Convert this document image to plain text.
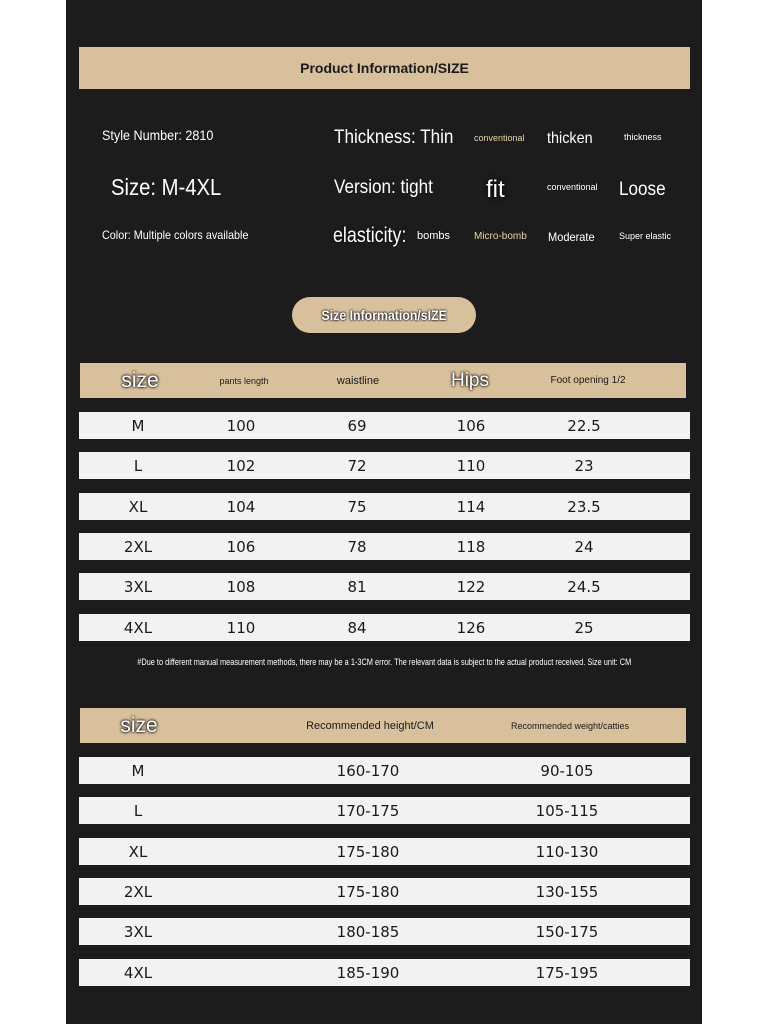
Product Information/SIZE
Style Number: 2810
Size: M-4XL
Color: Multiple colors available
Thickness: Thin conventional thicken	thickness
Version: tight fit	conventional Loose
elasticity: bombs Micro-bomb Moderate	Super elastic
Size Information/sIZE
size	pants length	waistline	Hips	Foot opening 1/2
M	100	69	106	22.5
L	102	72	110	23
XL	104	75	114	23.5
2XL	106	78	118	24
3XL	108	81	122	24.5
4XL	110	84	126	25
#Due to different manual measurement methods, there may be a 1-3CM error. The relevant data is subject to the actual product received. Size unit: CM
size	Recommended height/CM	Recommended weight/catties
M	160-170	90-105
L	170-175	105-115
XL	175-180	110-130
2XL	175-180	130-155
3XL	180-185	150-175
4XL	185-190	175-195
